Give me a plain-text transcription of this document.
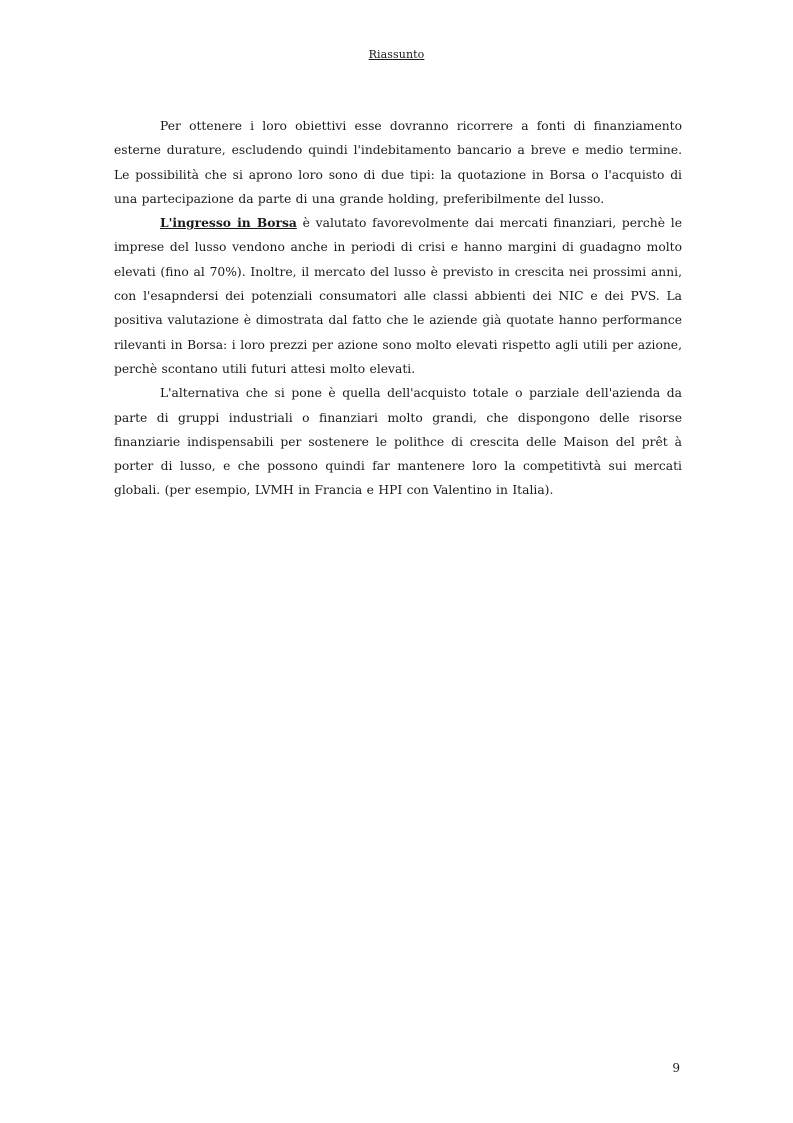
Riassunto

Per ottenere i loro obiettivi esse dovranno ricorrere a fonti di finanziamento esterne durature, escludendo quindi l'indebitamento bancario a breve e medio termine. Le possibilità che si aprono loro sono di due tipi: la quotazione in Borsa o l'acquisto di una partecipazione da parte di una grande holding, preferibilmente del lusso.

L'ingresso in Borsa è valutato favorevolmente dai mercati finanziari, perchè le imprese del lusso vendono anche in periodi di crisi e hanno margini di guadagno molto elevati (fino al 70%). Inoltre, il mercato del lusso è previsto in crescita nei prossimi anni, con l'esapndersi dei potenziali consumatori alle classi abbienti dei NIC e dei PVS. La positiva valutazione è dimostrata dal fatto che le aziende già quotate hanno performance rilevanti in Borsa: i loro prezzi per azione sono molto elevati rispetto agli utili per azione, perchè scontano utili futuri attesi molto elevati.

L'alternativa che si pone è quella dell'acquisto totale o parziale dell'azienda da parte di gruppi industriali o finanziari molto grandi, che dispongono delle risorse finanziarie indispensabili per sostenere le polithce di crescita delle Maison del prêt à porter di lusso, e che possono quindi far mantenere loro la competitivtà sui mercati globali. (per esempio, LVMH in Francia e HPI con Valentino in Italia).

9
